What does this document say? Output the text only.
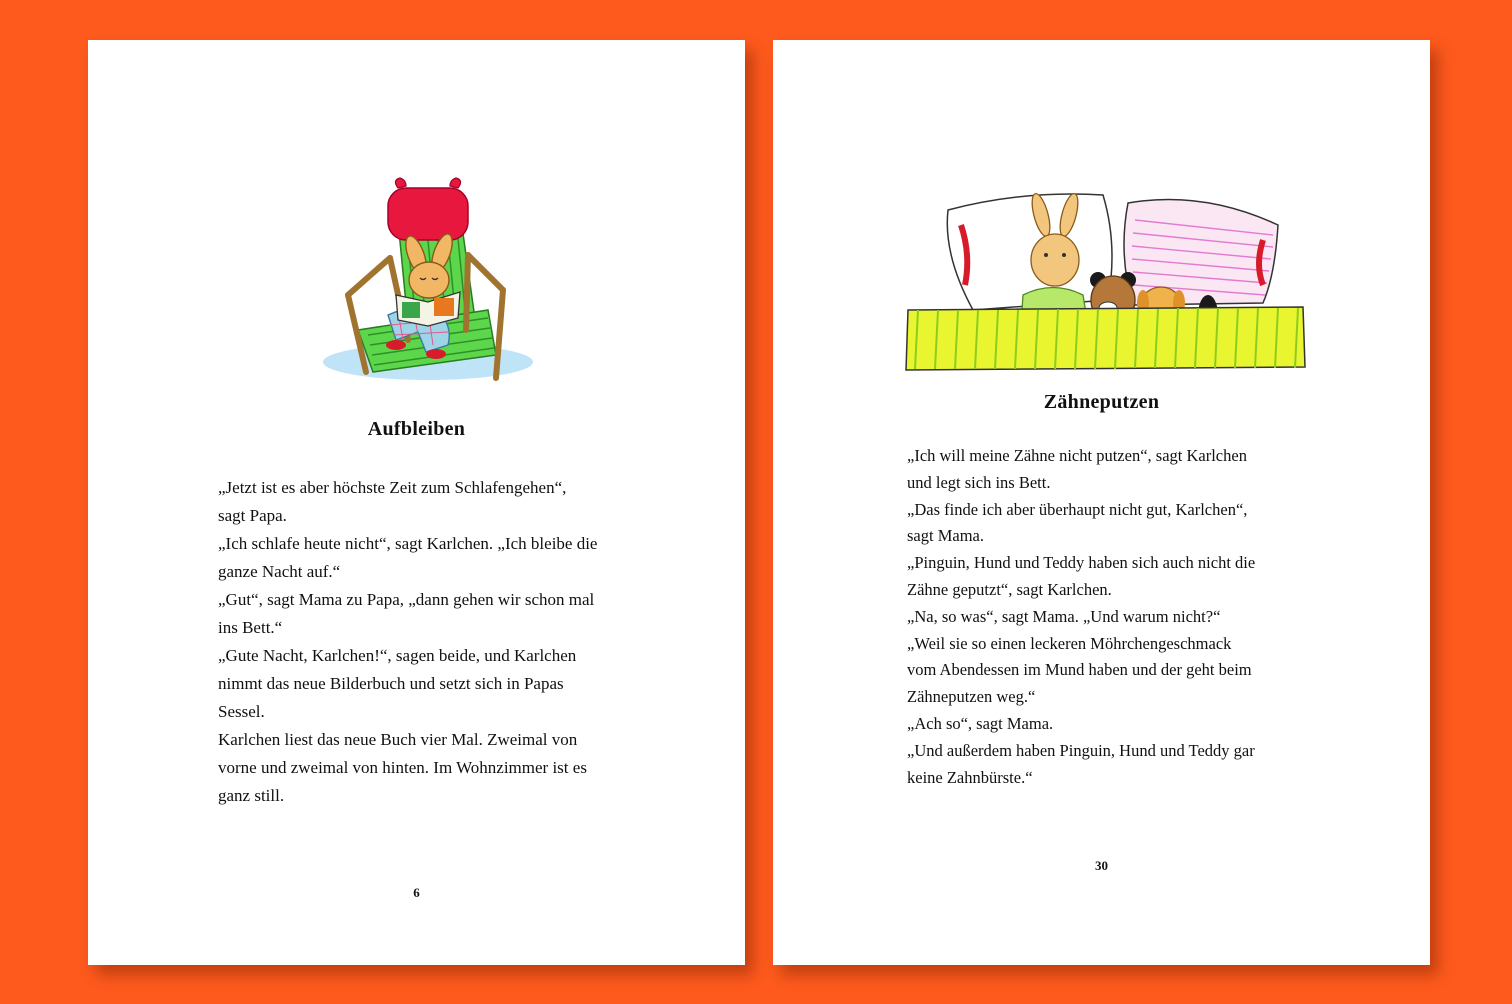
Aufbleiben

„Jetzt ist es aber höchste Zeit zum Schlafengehen“,
sagt Papa.
„Ich schlafe heute nicht“, sagt Karlchen. „Ich bleibe die
ganze Nacht auf.“
„Gut“, sagt Mama zu Papa, „dann gehen wir schon mal
ins Bett.“
„Gute Nacht, Karlchen!“, sagen beide, und Karlchen
nimmt das neue Bilderbuch und setzt sich in Papas
Sessel.
Karlchen liest das neue Buch vier Mal. Zweimal von
vorne und zweimal von hinten. Im Wohnzimmer ist es
ganz still.

6
Zähneputzen

„Ich will meine Zähne nicht putzen“, sagt Karlchen
und legt sich ins Bett.
„Das finde ich aber überhaupt nicht gut, Karlchen“,
sagt Mama.
„Pinguin, Hund und Teddy haben sich auch nicht die
Zähne geputzt“, sagt Karlchen.
„Na, so was“, sagt Mama. „Und warum nicht?“
„Weil sie so einen leckeren Möhrchengeschmack
vom Abendessen im Mund haben und der geht beim
Zähneputzen weg.“
„Ach so“, sagt Mama.
„Und außerdem haben Pinguin, Hund und Teddy gar
keine Zahnbürste.“

30
